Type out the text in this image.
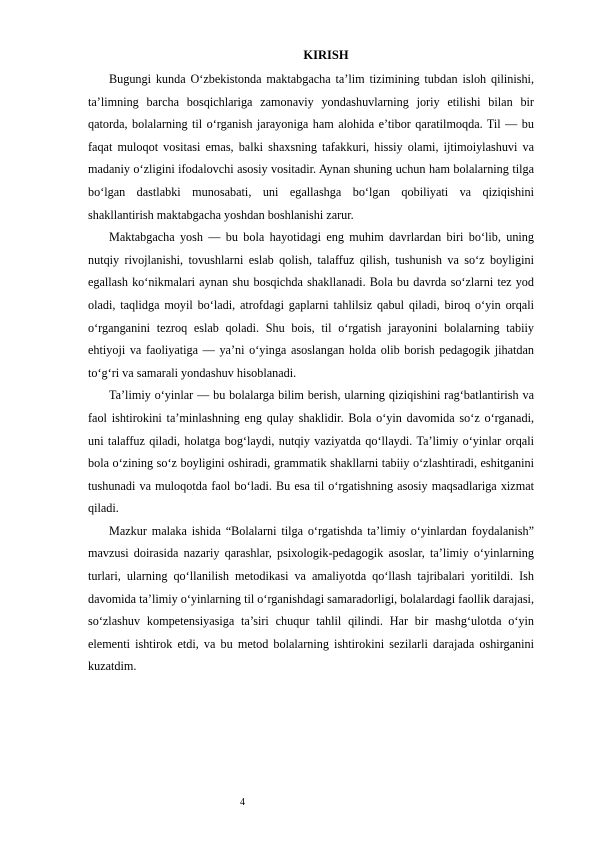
KIRISH

Bugungi kunda O‘zbekistonda maktabgacha ta’lim tizimining tubdan isloh qilinishi, ta’limning barcha bosqichlariga zamonaviy yondashuvlarning joriy etilishi bilan bir qatorda, bolalarning til o‘rganish jarayoniga ham alohida e’tibor qaratilmoqda. Til — bu faqat muloqot vositasi emas, balki shaxsning tafakkuri, hissiy olami, ijtimoiylashuvi va madaniy o‘zligini ifodalovchi asosiy vositadir. Aynan shuning uchun ham bolalarning tilga bo‘lgan dastlabki munosabati, uni egallashga bo‘lgan qobiliyati va qiziqishini shakllantirish maktabgacha yoshdan boshlanishi zarur.

Maktabgacha yosh — bu bola hayotidagi eng muhim davrlardan biri bo‘lib, uning nutqiy rivojlanishi, tovushlarni eslab qolish, talaffuz qilish, tushunish va so‘z boyligini egallash ko‘nikmalari aynan shu bosqichda shakllanadi. Bola bu davrda so‘zlarni tez yod oladi, taqlidga moyil bo‘ladi, atrofdagi gaplarni tahlilsiz qabul qiladi, biroq o‘yin orqali o‘rganganini tezroq eslab qoladi. Shu bois, til o‘rgatish jarayonini bolalarning tabiiy ehtiyoji va faoliyatiga — ya’ni o‘yinga asoslangan holda olib borish pedagogik jihatdan to‘g‘ri va samarali yondashuv hisoblanadi.

Ta’limiy o‘yinlar — bu bolalarga bilim berish, ularning qiziqishini rag‘batlantirish va faol ishtirokini ta’minlashning eng qulay shaklidir. Bola o‘yin davomida so‘z o‘rganadi, uni talaffuz qiladi, holatga bog‘laydi, nutqiy vaziyatda qo‘llaydi. Ta’limiy o‘yinlar orqali bola o‘zining so‘z boyligini oshiradi, grammatik shakllarni tabiiy o‘zlashtiradi, eshitganini tushunadi va muloqotda faol bo‘ladi. Bu esa til o‘rgatishning asosiy maqsadlariga xizmat qiladi.

Mazkur malaka ishida “Bolalarni tilga o‘rgatishda ta’limiy o‘yinlardan foydalanish” mavzusi doirasida nazariy qarashlar, psixologik-pedagogik asoslar, ta’limiy o‘yinlarning turlari, ularning qo‘llanilish metodikasi va amaliyotda qo‘llash tajribalari yoritildi. Ish davomida ta’limiy o‘yinlarning til o‘rganishdagi samaradorligi, bolalardagi faollik darajasi, so‘zlashuv kompetensiyasiga ta’siri chuqur tahlil qilindi. Har bir mashg‘ulotda o‘yin elementi ishtirok etdi, va bu metod bolalarning ishtirokini sezilarli darajada oshirganini kuzatdim.

4
